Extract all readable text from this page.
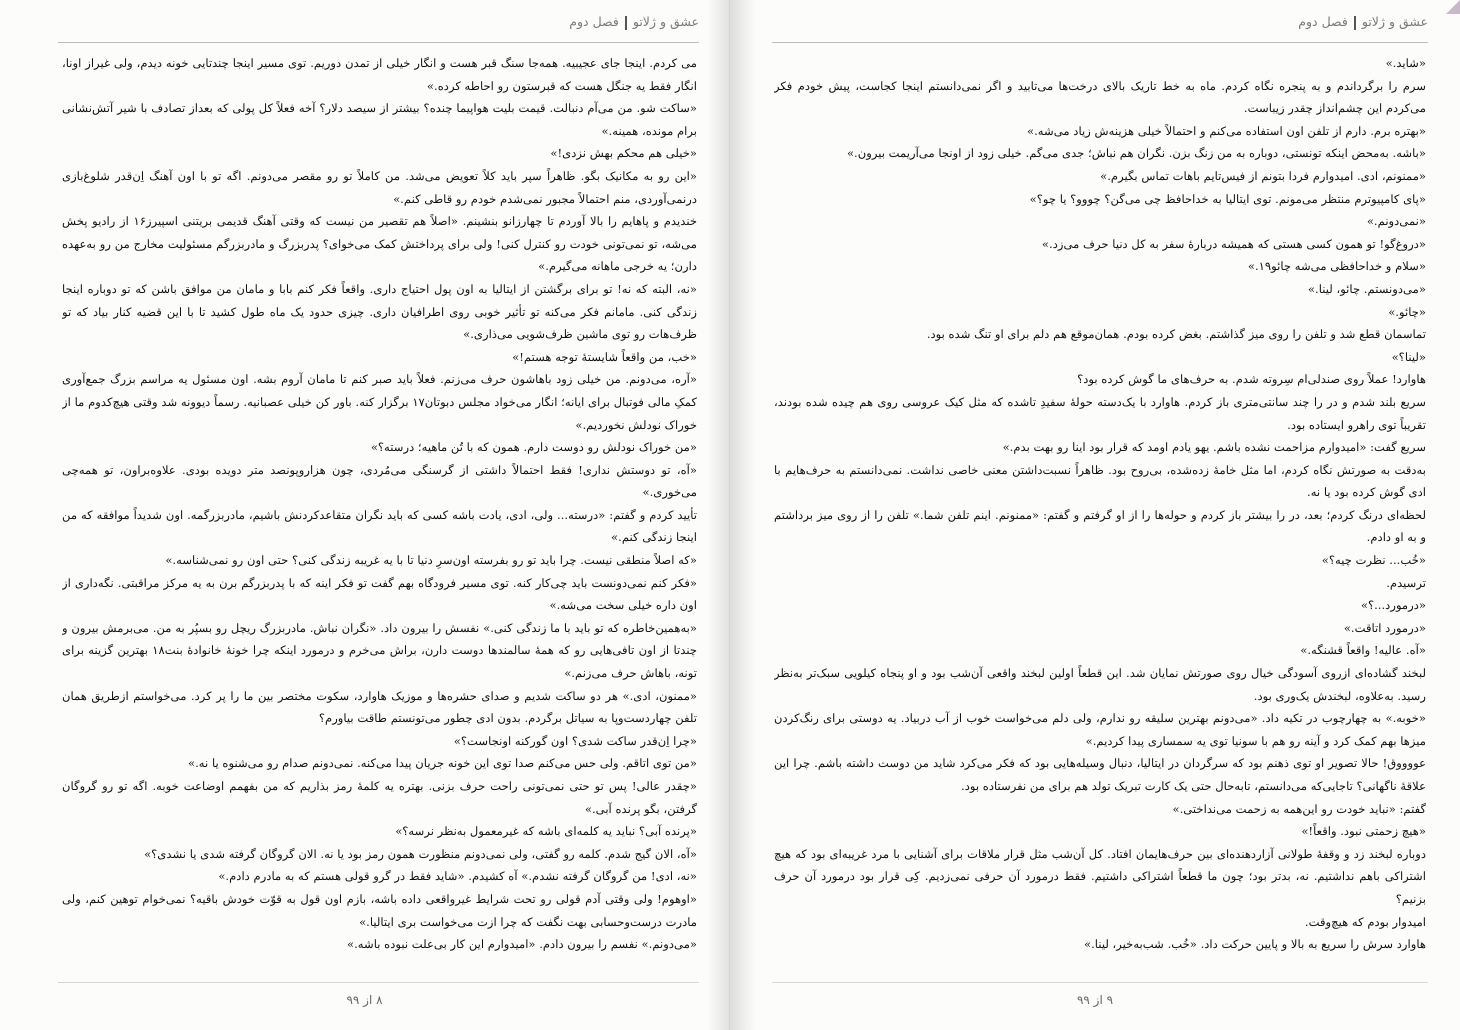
عشق و ژلاتوفصل دوم

می کردم. اینجا جای عجیبیه. همه‌جا سنگ قبر هست و انگار خیلی از تمدن دوریم. توی مسیر اینجا چندتایی خونه دیدم، ولی غیراز اونا، انگار فقط یه جنگل هست که قبرستون رو احاطه کرده.»

«ساکت شو. من می‌آم دنبالت. قیمت بلیت هواپیما چنده؟ بیشتر از سیصد دلار؟ آخه فعلاً کل پولی که بعداز تصادف با شیر آتش‌نشانی برام مونده، همینه.»

«خیلی هم محکم بهش نزدی!»

«این رو به مکانیک بگو. ظاهراً سپر باید کلاً تعویض می‌شد. من کاملاً تو رو مقصر می‌دونم. اگه تو با اون آهنگ اِن‌قدر شلوغ‌بازی درنمی‌آوردی، منم احتمالاً مجبور نمی‌شدم خودم رو قاطی کنم.»

خندیدم و پاهایم را بالا آوردم تا چهارزانو بنشینم. «اصلاً هم تقصیر من نیست که وقتی آهنگ قدیمی بریتنی اسپیرز۱۶ از رادیو پخش می‌شه، تو نمی‌تونی خودت رو کنترل کنی! ولی برای پرداختش کمک می‌خوای؟ پدربزرگ و مادربزرگم مسئولیت مخارج من رو به‌عهده دارن؛ یه خرجی ماهانه می‌گیرم.»

«نه، البته که نه! تو برای برگشتن از ایتالیا به اون پول احتیاج داری. واقعاً فکر کنم بابا و مامان من موافق باشن که تو دوباره اینجا زندگی کنی. مامانم فکر می‌کنه تو تأثیر خوبی روی اطرافیان داری. چیزی حدود یک ماه طول کشید تا با این قضیه کنار بیاد که تو ظرف‌هات رو توی ماشین ظرف‌شویی می‌ذاری.»

«خب، من واقعاً شایستهٔ توجه هستم!»

«آره، می‌دونم. من خیلی زود باهاشون حرف می‌زنم. فعلاً باید صبر کنم تا مامان آروم بشه. اون مسئول یه مراسم بزرگ جمع‌آوری کمکِ مالی فوتبال برای ایانه؛ انگار می‌خواد مجلس دبوتان۱۷ برگزار کنه. باور کن خیلی عصبانیه. رسماً دیوونه شد وقتی هیچ‌کدوم ما از خوراک نودلش نخوردیم.»

«من خوراک نودلش رو دوست دارم. همون که با تُن ماهیه؛ درسته؟»

«آه، تو دوستش نداری! فقط احتمالاً داشتی از گرسنگی می‌مُردی، چون هزاروپونصد متر دویده بودی. علاوه‌براون، تو همه‌چی می‌خوری.»

تأیید کردم و گفتم: «درسته... ولی، ادی، یادت باشه کسی که باید نگران متقاعدکردنش باشیم، مادربزرگمه. اون شدیداً موافقه که من اینجا زندگی کنم.»

«که اصلاً منطقی نیست. چرا باید تو رو بفرسته اون‌سرِ دنیا تا با یه غریبه زندگی کنی؟ حتی اون رو نمی‌شناسه.»

«فکر کنم نمی‌دونست باید چی‌کار کنه. توی مسیر فرودگاه بهم گفت تو فکر اینه که با پدربزرگم برن به یه مرکز مراقبتی. نگه‌داری از اون داره خیلی سخت می‌شه.»

«به‌همین‌خاطره که تو باید با ما زندگی کنی.» نفسش را بیرون داد. «نگران نباش. مادربزرگ ریچل رو بسپُر به من. می‌برمش بیرون و چندتا از اون تافی‌هایی رو که همهٔ سالمندها دوست دارن، براش می‌خرم و درمورد اینکه چرا خونهٔ خانوادهٔ بنت۱۸ بهترین گزینه برای تونه، باهاش حرف می‌زنم.»

«ممنون، ادی.» هر دو ساکت شدیم و صدای حشره‌ها و موزیک هاوارد، سکوت مختصر بین ما را پر کرد. می‌خواستم ازطریق همان تلفن چهاردست‌وپا به سیاتل برگردم. بدون ادی چطور می‌تونستم طاقت بیاورم؟

«چرا اِن‌قدر ساکت شدی؟ اون گورکنه اونجاست؟»

«من توی اتاقم. ولی حس می‌کنم صدا توی این خونه جریان پیدا می‌کنه. نمی‌دونم صدام رو می‌شنوه یا نه.»

«چقدر عالی! پس تو حتی نمی‌تونی راحت حرف بزنی. بهتره یه کلمهٔ رمز بذاریم که من بفهمم اوضاعت خوبه. اگه تو رو گروگان گرفتن، بگو پرنده آبی.»

«پرنده آبی؟ نباید یه کلمه‌ای باشه که غیرمعمول به‌نظر نرسه؟»

«آه، الان گیج شدم. کلمه رو گفتی، ولی نمی‌دونم منظورت همون رمز بود یا نه. الان گروگان گرفته شدی یا نشدی؟»

«نه، ادی! من گروگان گرفته نشدم.» آه کشیدم. «شاید فقط در گرو قولی هستم که به مادرم دادم.»

«اوهوم! ولی وقتی آدم قولی رو تحت شرایط غیرواقعی داده باشه، بازم اون قول به قوّت خودش باقیه؟ نمی‌خوام توهین کنم، ولی مادرت درست‌وحسابی بهت نگفت که چرا ازت می‌خواست بری ایتالیا.»

«می‌دونم.» نفسم را بیرون دادم. «امیدوارم این کار بی‌علت نبوده باشه.»

۸ از ۹۹
عشق و ژلاتوفصل دوم

«شاید.»

سرم را برگرداندم و به پنجره نگاه کردم. ماه به خط تاریک بالای درخت‌ها می‌تابید و اگر نمی‌دانستم اینجا کجاست، پیش خودم فکر می‌کردم این چشم‌انداز چقدر زیباست.

«بهتره برم. دارم از تلفن اون استفاده می‌کنم و احتمالاً خیلی هزینه‌ش زیاد می‌شه.»

«باشه. به‌محض اینکه تونستی، دوباره به من زنگ بزن. نگران هم نباش؛ جدی می‌گم. خیلی زود از اونجا می‌آریمت بیرون.»

«ممنونم، ادی. امیدوارم فردا بتونم از فیس‌تایم باهات تماس بگیرم.»

«پای کامپیوترم منتظر می‌مونم. توی ایتالیا به خداحافظ چی می‌گن؟ چووو؟ یا چو؟»

«نمی‌دونم.»

«دروغ‌گو! تو همون کسی هستی که همیشه دربارهٔ سفر به کل دنیا حرف می‌زد.»

«سلام و خداحافظی می‌شه چائو۱۹.»

«می‌دونستم. چائو، لینا.»

«چائو.»

تماسمان قطع شد و تلفن را روی میز گذاشتم. بغض کرده بودم. همان‌موقع هم دلم برای او تنگ شده بود.

«لینا؟»

هاوارد! عملاً روی صندلی‌ام سِروته شدم. به حرف‌های ما گوش کرده بود؟

سریع بلند شدم و در را چند سانتی‌متری باز کردم. هاوارد با یک‌دسته حولهٔ سفیدِ تاشده که مثل کیک عروسی روی هم چیده شده بودند، تقریباً توی راهرو ایستاده بود.

سریع گفت: «امیدوارم مزاحمت نشده باشم. یهو یادم اومد که قرار بود اینا رو بهت بدم.»

به‌دقت به صورتش نگاه کردم، اما مثل خامهٔ زده‌شده، بی‌روح بود. ظاهراً نسبت‌داشتن معنی خاصی نداشت. نمی‌دانستم به حرف‌هایم با ادی گوش کرده بود یا نه.

لحظه‌ای درنگ کردم؛ بعد، در را بیشتر باز کردم و حوله‌ها را از او گرفتم و گفتم: «ممنونم. اینم تلفن شما.» تلفن را از روی میز برداشتم و به او دادم.

«خُب... نظرت چیه؟»

ترسیدم.

«درمورد...؟»

«درمورد اتاقت.»

«آه. عالیه! واقعاً قشنگه.»

لبخند گشاده‌ای ازروی آسودگی خیال روی صورتش نمایان شد. این قطعاً اولین لبخند واقعی آن‌شب بود و او پنجاه کیلویی سبک‌تر به‌نظر رسید. به‌علاوه، لبخندش یک‌وری بود.

«خوبه.» به چهارچوب در تکیه داد. «می‌دونم بهترین سلیقه رو ندارم، ولی دلم می‌خواست خوب از آب دربیاد. یه دوستی برای رنگ‌کردن میزها بهم کمک کرد و آینه رو هم با سونیا توی یه سمساری پیدا کردیم.»

عووووق! حالا تصویر او توی ذهنم بود که سرگردان در ایتالیا، دنبال وسیله‌هایی بود که فکر می‌کرد شاید من دوست داشته باشم. چرا این علاقهٔ ناگهانی؟ تاجایی‌که می‌دانستم، تابه‌حال حتی یک کارت تبریک تولد هم برای من نفرستاده بود.

گفتم: «نباید خودت رو این‌همه به زحمت می‌نداختی.»

«هیچ زحمتی نبود. واقعاً!»

دوباره لبخند زد و وقفهٔ طولانی آزاردهنده‌ای بین حرف‌هایمان افتاد. کل آن‌شب مثل قرار ملاقات برای آشنایی با مرد غریبه‌ای بود که هیچ اشتراکی باهم نداشتیم. نه، بدتر بود؛ چون ما قطعاً اشتراکی داشتیم. فقط درمورد آن حرفی نمی‌زدیم. کِی قرار بود درمورد آن حرف بزنیم؟

امیدوار بودم که هیچ‌وقت.

هاوارد سرش را سریع به بالا و پایین حرکت داد. «خُب. شب‌به‌خیر، لینا.»

۹ از ۹۹
